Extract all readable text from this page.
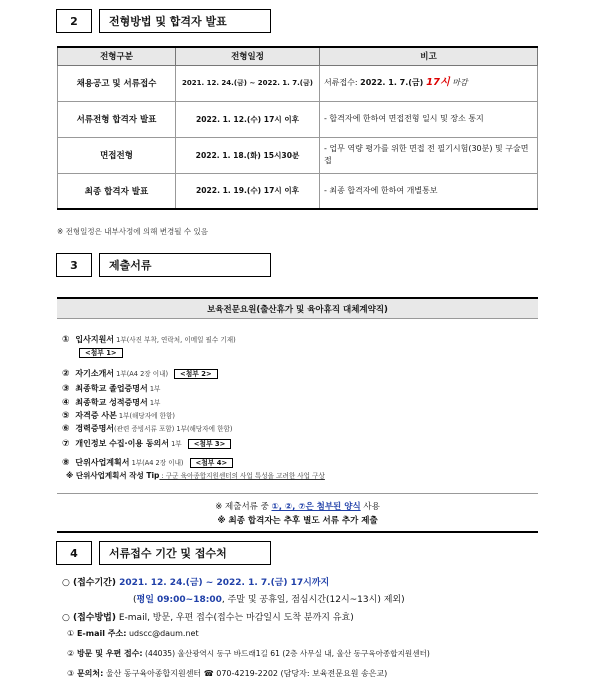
2	전형방법 및 합격자 발표
전형구분	전형일정	비고
채용공고 및 서류접수	2021. 12. 24.(금) ~ 2022. 1. 7.(금)	서류접수: 2022. 1. 7.(금) 17시 마감
서류전형 합격자 발표	2022. 1. 12.(수) 17시 이후	- 합격자에 한하여 면접전형 일시 및 장소 통지
면접전형	2022. 1. 18.(화) 15시30분	- 업무 역량 평가를 위한 면접 전 필기시험(30분) 및 구술면접
최종 합격자 발표	2022. 1. 19.(수) 17시 이후	- 최종 합격자에 한하여 개별통보
※ 전형일정은 내부사정에 의해 변경될 수 있음
3	제출서류
보육전문요원(출산휴가 및 육아휴직 대체계약직)
① 입사지원서 1부(사진 부착, 연락처, 이메일 필수 기재)
<첨부 1>
② 자기소개서 1부(A4 2장 이내) <첨부 2>
③ 최종학교 졸업증명서 1부
④ 최종학교 성적증명서 1부
⑤ 자격증 사본 1부(해당자에 한함)
⑥ 경력증명서(관련 증빙서류 포함) 1부(해당자에 한함)
⑦ 개인정보 수집·이용 동의서 1부 <첨부 3>
⑧ 단위사업계획서 1부(A4 2장 이내) <첨부 4>
※ 단위사업계획서 작성 Tip : 구군 육아종합지원센터의 사업 특성을 고려한 사업 구상
※ 제출서류 중 ①, ②, ⑦은 첨부된 양식 사용
※ 최종 합격자는 추후 별도 서류 추가 제출
4	서류접수 기간 및 접수처
○ (접수기간) 2021. 12. 24.(금) ~ 2022. 1. 7.(금) 17시까지
(평일 09:00~18:00, 주말 및 공휴일, 점심시간(12시~13시) 제외)
○ (접수방법) E-mail, 방문, 우편 접수(접수는 마감일시 도착 분까지 유효)
① E-mail 주소: udscc@daum.net
② 방문 및 우편 접수: (44035) 울산광역시 동구 바드래1길 61 (2층 사무실 내, 울산 동구육아종합지원센터)
③ 문의처: 울산 동구육아종합지원센터 ☎ 070-4219-2202 (담당자: 보육전문요원 송은교)
